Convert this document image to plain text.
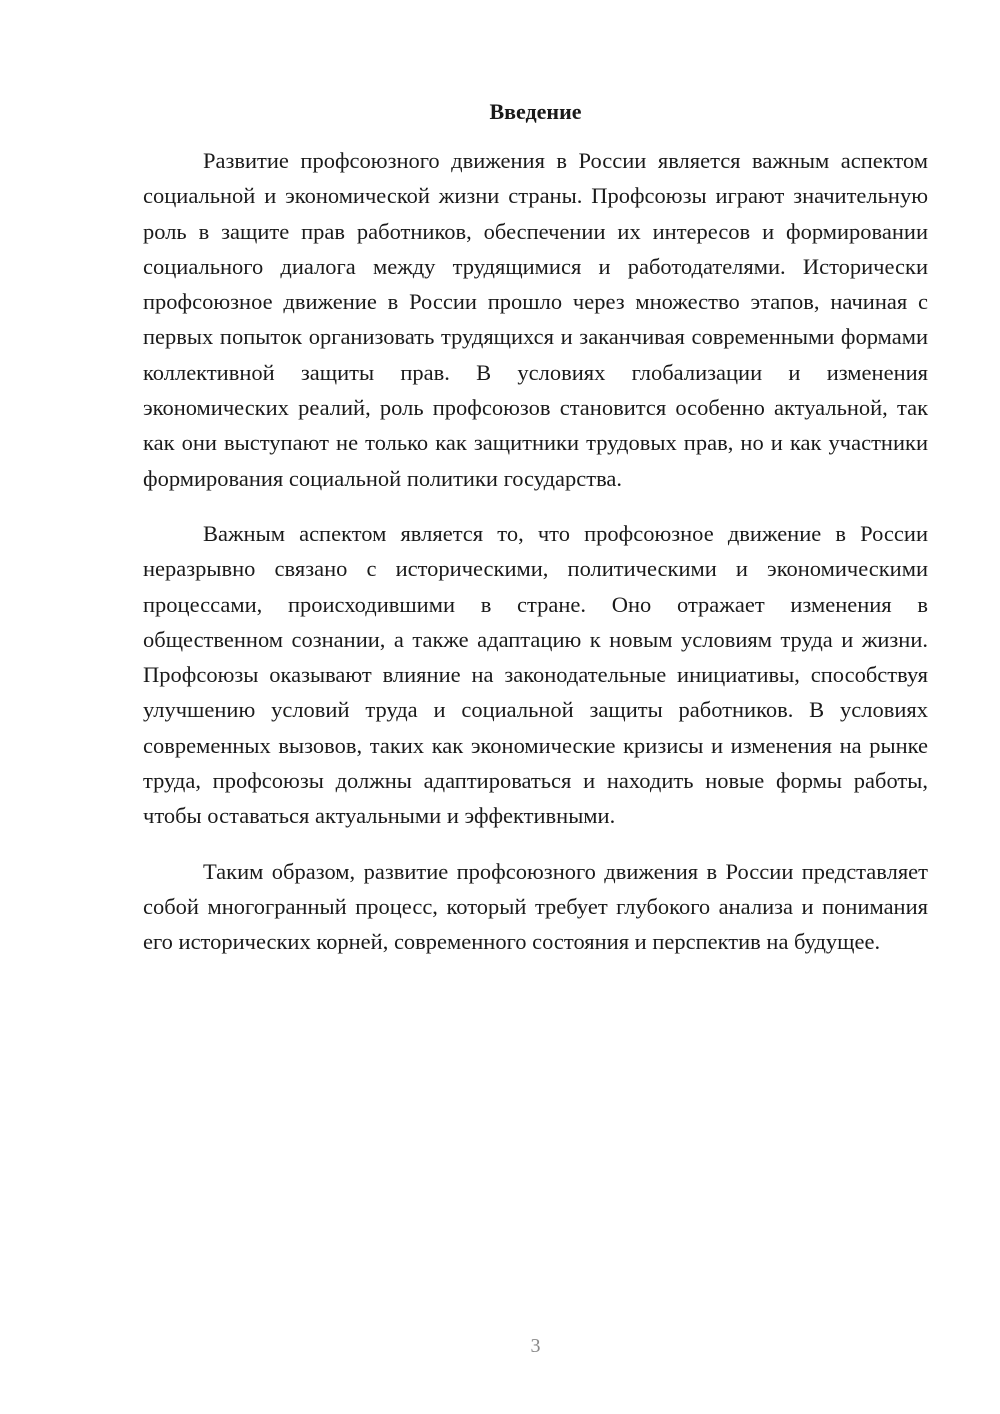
Введение

Развитие профсоюзного движения в России является важным аспектом социальной и экономической жизни страны. Профсоюзы играют значительную роль в защите прав работников, обеспечении их интересов и формировании социального диалога между трудящимися и работодателями. Исторически профсоюзное движение в России прошло через множество этапов, начиная с первых попыток организовать трудящихся и заканчивая современными формами коллективной защиты прав. В условиях глобализации и изменения экономических реалий, роль профсоюзов становится особенно актуальной, так как они выступают не только как защитники трудовых прав, но и как участники формирования социальной политики государства.

Важным аспектом является то, что профсоюзное движение в России неразрывно связано с историческими, политическими и экономическими процессами, происходившими в стране. Оно отражает изменения в общественном сознании, а также адаптацию к новым условиям труда и жизни. Профсоюзы оказывают влияние на законодательные инициативы, способствуя улучшению условий труда и социальной защиты работников. В условиях современных вызовов, таких как экономические кризисы и изменения на рынке труда, профсоюзы должны адаптироваться и находить новые формы работы, чтобы оставаться актуальными и эффективными.

Таким образом, развитие профсоюзного движения в России представляет собой многогранный процесс, который требует глубокого анализа и понимания его исторических корней, современного состояния и перспектив на будущее.

3
